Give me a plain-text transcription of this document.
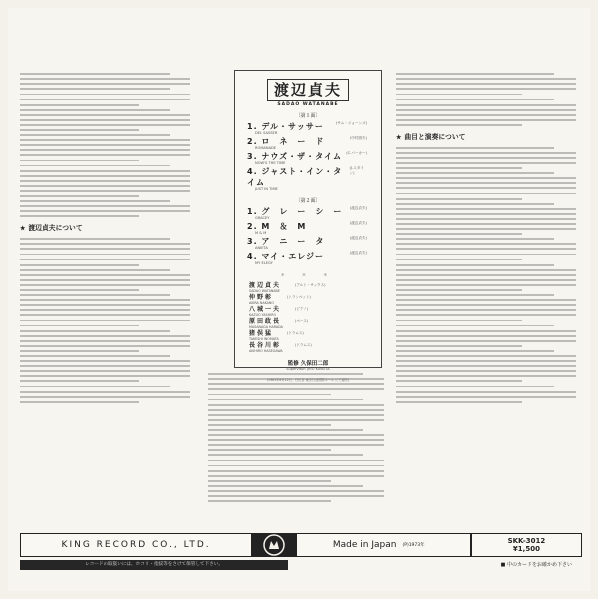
★ 渡辺貞夫について
★ 曲目と演奏について
渡辺貞夫
SADAO WATANABE
〔第１面〕
1. デル・サッサー	(サム・ジョーンズ)
DEL SASSER
2. ロ　ネ　ー　ド	(中村照夫)
ROMANADE
3. ナウズ・ザ・タイム (C.パーカー)
NOW'S THE TIME
4. ジャスト・イン・タイム
(J.スタイン)
JUST IN TIME
〔第２面〕
1. グ　レ　ー　シ　ー (渡辺貞夫)
GRACEY
2. M　＆　M	(渡辺貞夫)
M & M
3. ア　ニ　ー　タ	(渡辺貞夫)
ANIETA
4. マイ・エレジー	(渡辺貞夫)
MY ELEGY
＊ ＊ ＊
渡辺貞夫	(アルト・サックス)
SADAO WATANABE
仲野彰	(トランペット)
AKIRA NAKANO
八城一夫	(ピアノ)
KAZUO YASHIRO
原田政長	(ベース)
MASANAGA HARADA
猪俣猛	(ドラムス)
TAKESHI INOMATA
長谷川彰	(ドラムス)
AKIHIRO HASEGAWA
監修 久保田二郎
Supervisor: JIRO KUBOTA
(1961年8月12日、日比谷 東京日活国際ホール にて録音)
KING RECORD CO., LTD.	Made in Japan (P)1973年
SKK-3012
¥1,500
レコードの取扱いには、ホコリ・指紋等をさけて保管して下さい。	■ 中のカードをお確かめ下さい
